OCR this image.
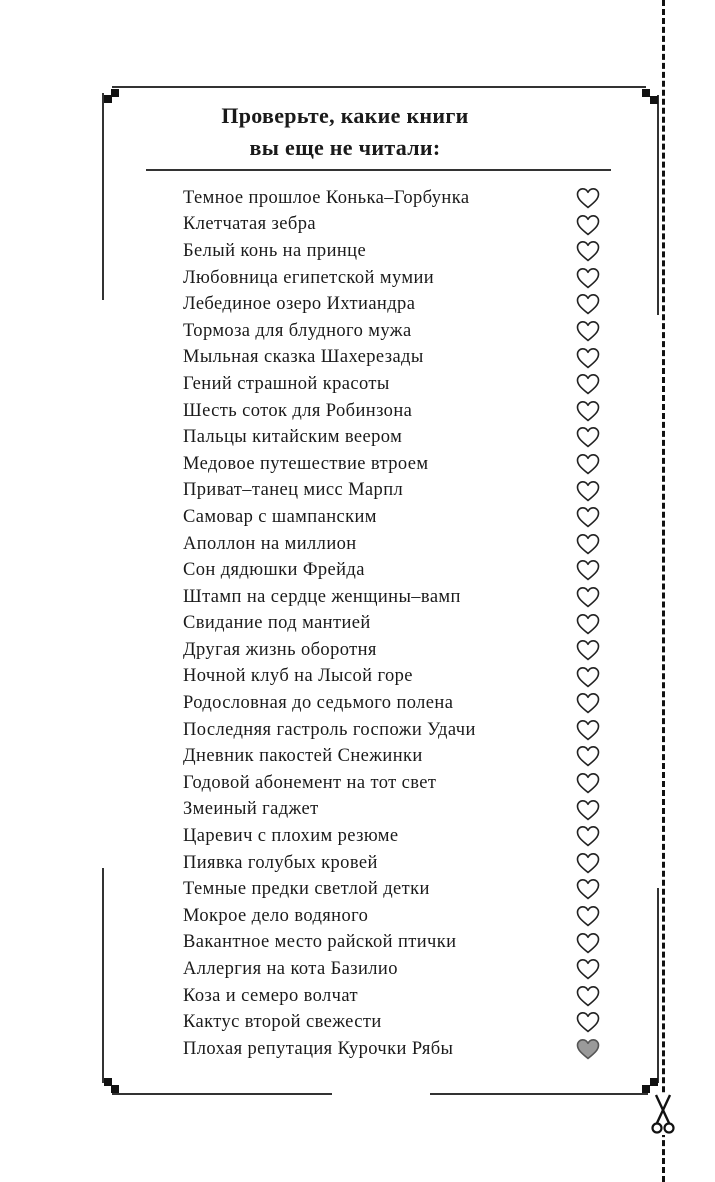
Проверьте, какие книги
вы еще не читали:
Темное прошлое Конька–Горбунка
Клетчатая зебра
Белый конь на принце
Любовница египетской мумии
Лебединое озеро Ихтиандра
Тормоза для блудного мужа
Мыльная сказка Шахерезады
Гений страшной красоты
Шесть соток для Робинзона
Пальцы китайским веером
Медовое путешествие втроем
Приват–танец мисс Марпл
Самовар с шампанским
Аполлон на миллион
Сон дядюшки Фрейда
Штамп на сердце женщины–вамп
Свидание под мантией
Другая жизнь оборотня
Ночной клуб на Лысой горе
Родословная до седьмого полена
Последняя гастроль госпожи Удачи
Дневник пакостей Снежинки
Годовой абонемент на тот свет
Змеиный гаджет
Царевич с плохим резюме
Пиявка голубых кровей
Темные предки светлой детки
Мокрое дело водяного
Вакантное место райской птички
Аллергия на кота Базилио
Коза и семеро волчат
Кактус второй свежести
Плохая репутация Курочки Рябы
